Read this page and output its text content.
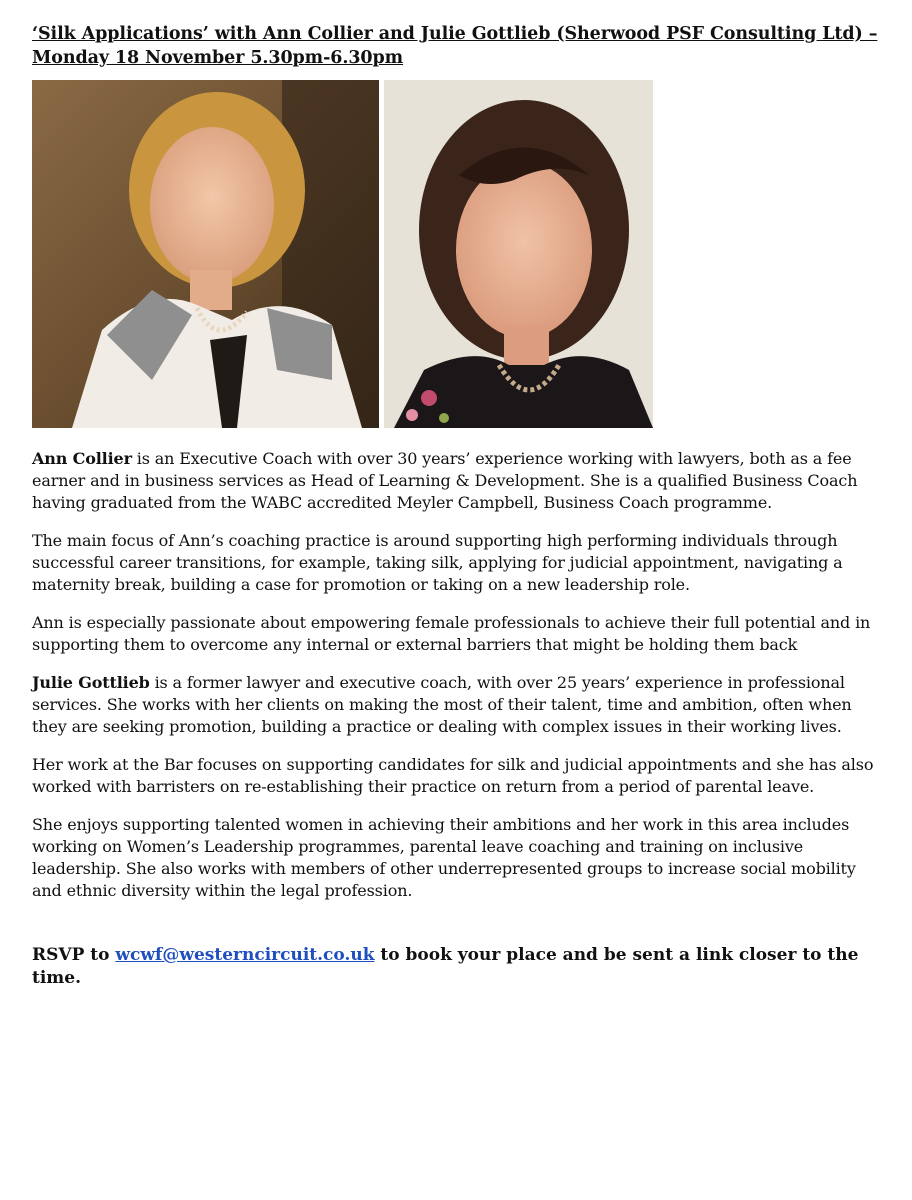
‘Silk Applications’ with Ann Collier and Julie Gottlieb (Sherwood PSF Consulting Ltd) – Monday 18 November 5.30pm-6.30pm

Ann Collier is an Executive Coach with over 30 years’ experience working with lawyers, both as a fee earner and in business services as Head of Learning & Development. She is a qualified Business Coach having graduated from the WABC accredited Meyler Campbell, Business Coach programme.

The main focus of Ann’s coaching practice is around supporting high performing individuals through successful career transitions, for example, taking silk, applying for judicial appointment, navigating a maternity break, building a case for promotion or taking on a new leadership role.

Ann is especially passionate about empowering female professionals to achieve their full potential and in supporting them to overcome any internal or external barriers that might be holding them back

Julie Gottlieb is a former lawyer and executive coach, with over 25 years’ experience in professional services. She works with her clients on making the most of their talent, time and ambition, often when they are seeking promotion, building a practice or dealing with complex issues in their working lives.

Her work at the Bar focuses on supporting candidates for silk and judicial appointments and she has also worked with barristers on re-establishing their practice on return from a period of parental leave.

She enjoys supporting talented women in achieving their ambitions and her work in this area includes working on Women’s Leadership programmes, parental leave coaching and training on inclusive leadership. She also works with members of other underrepresented groups to increase social mobility and ethnic diversity within the legal profession.

RSVP to wcwf@westerncircuit.co.uk to book your place and be sent a link closer to the time.
